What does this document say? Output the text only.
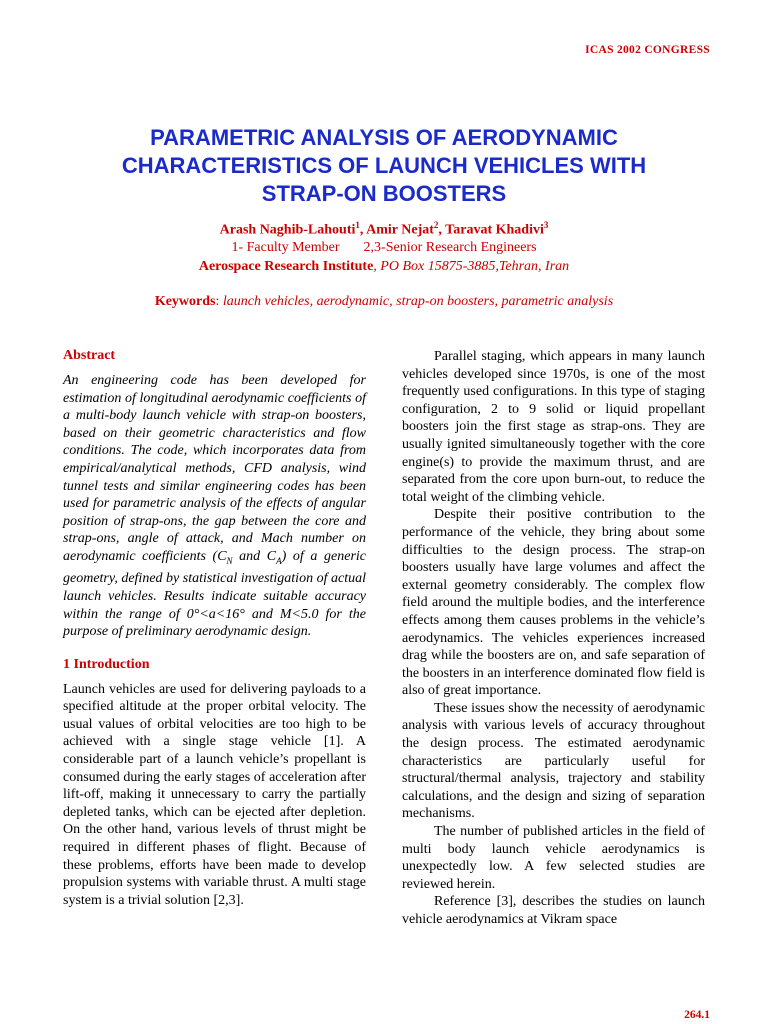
ICAS 2002 CONGRESS
PARAMETRIC ANALYSIS OF AERODYNAMIC
CHARACTERISTICS OF LAUNCH VEHICLES WITH
STRAP-ON BOOSTERS
Arash Naghib-Lahouti$^1$, Amir Nejat$^2$, Taravat Khadivi$^3$
1- Faculty Member 2,3-Senior Research Engineers
Aerospace Research Institute, PO Box 15875-3885,Tehran, Iran
Keywords: launch vehicles, aerodynamic, strap-on boosters, parametric analysis
Abstract

An engineering code has been developed for estimation of longitudinal aerodynamic coefficients of a multi-body launch vehicle with strap-on boosters, based on their geometric characteristics and flow conditions. The code, which incorporates data from empirical/analytical methods, CFD analysis, wind tunnel tests and similar engineering codes has been used for parametric analysis of the effects of angular position of strap-ons, the gap between the core and strap-ons, angle of attack, and Mach number on aerodynamic coefficients ($C_N$ and $C_A$) of a generic geometry, defined by statistical investigation of actual launch vehicles. Results indicate suitable accuracy within the range of 0°<a<16° and M<5.0 for the purpose of preliminary aerodynamic design.

1 Introduction

Launch vehicles are used for delivering payloads to a specified altitude at the proper orbital velocity. The usual values of orbital velocities are too high to be achieved with a single stage vehicle [1]. A considerable part of a launch vehicle’s propellant is consumed during the early stages of acceleration after lift-off, making it unnecessary to carry the partially depleted tanks, which can be ejected after depletion. On the other hand, various levels of thrust might be required in different phases of flight. Because of these problems, efforts have been made to develop propulsion systems with variable thrust. A multi stage system is a trivial solution [2,3].

Parallel staging, which appears in many launch vehicles developed since 1970s, is one of the most frequently used configurations. In this type of staging configuration, 2 to 9 solid or liquid propellant boosters join the first stage as strap-ons. They are usually ignited simultaneously together with the core engine(s) to provide the maximum thrust, and are separated from the core upon burn-out, to reduce the total weight of the climbing vehicle.

Despite their positive contribution to the performance of the vehicle, they bring about some difficulties to the design process. The strap-on boosters usually have large volumes and affect the external geometry considerably. The complex flow field around the multiple bodies, and the interference effects among them causes problems in the vehicle’s aerodynamics. The vehicles experiences increased drag while the boosters are on, and safe separation of the boosters in an interference dominated flow field is also of great importance.

These issues show the necessity of aerodynamic analysis with various levels of accuracy throughout the design process. The estimated aerodynamic characteristics are particularly useful for structural/thermal analysis, trajectory and stability calculations, and the design and sizing of separation mechanisms.

The number of published articles in the field of multi body launch vehicle aerodynamics is unexpectedly low. A few selected studies are reviewed herein.

Reference [3], describes the studies on launch vehicle aerodynamics at Vikram space

264.1
